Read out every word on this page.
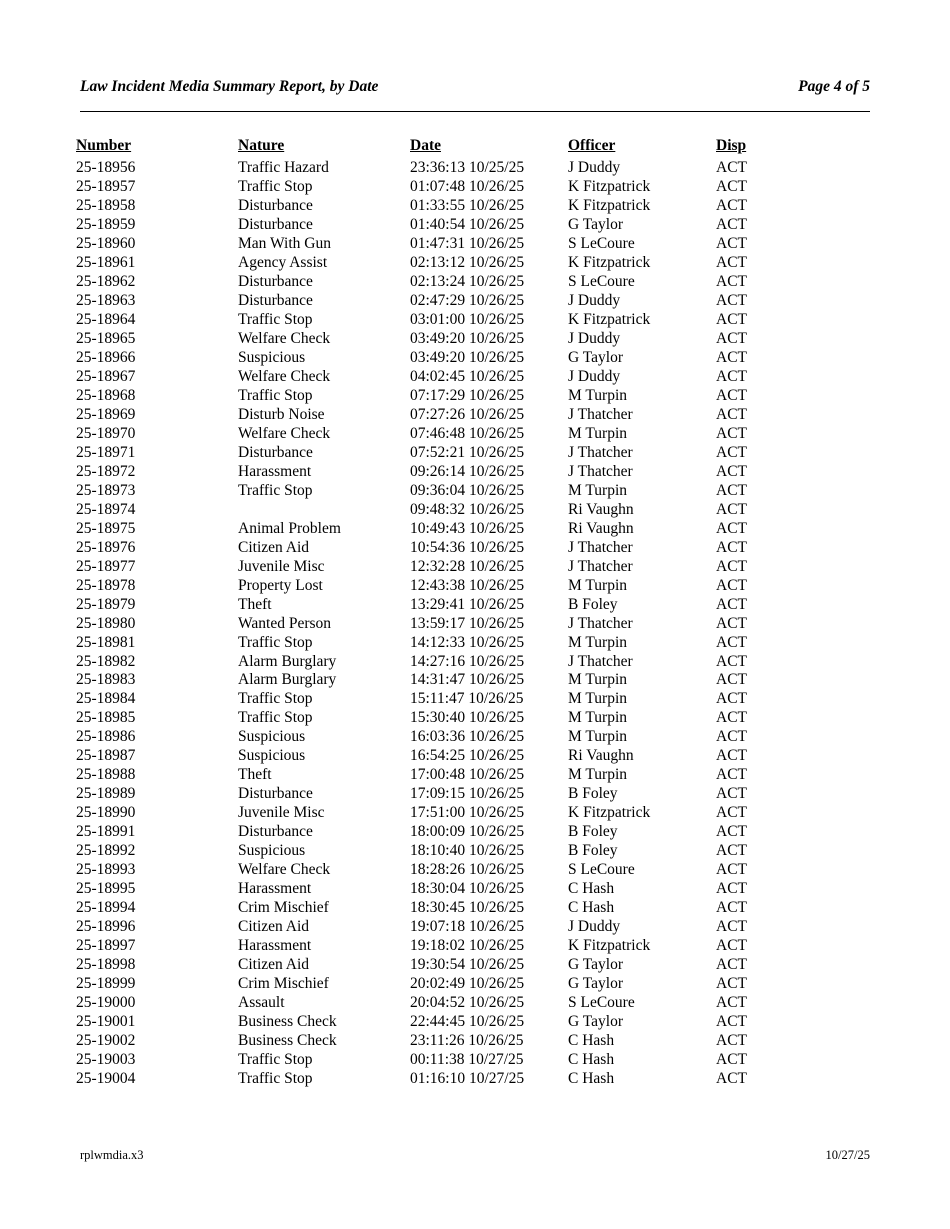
Law Incident Media Summary Report, by Date	Page 4 of 5
Number	Nature	Date	Officer	Disp
25-18956	Traffic Hazard	23:36:13 10/25/25	J Duddy	ACT
25-18957	Traffic Stop	01:07:48 10/26/25	K Fitzpatrick	ACT
25-18958	Disturbance	01:33:55 10/26/25	K Fitzpatrick	ACT
25-18959	Disturbance	01:40:54 10/26/25	G Taylor	ACT
25-18960	Man With Gun	01:47:31 10/26/25	S LeCoure	ACT
25-18961	Agency Assist	02:13:12 10/26/25	K Fitzpatrick	ACT
25-18962	Disturbance	02:13:24 10/26/25	S LeCoure	ACT
25-18963	Disturbance	02:47:29 10/26/25	J Duddy	ACT
25-18964	Traffic Stop	03:01:00 10/26/25	K Fitzpatrick	ACT
25-18965	Welfare Check	03:49:20 10/26/25	J Duddy	ACT
25-18966	Suspicious	03:49:20 10/26/25	G Taylor	ACT
25-18967	Welfare Check	04:02:45 10/26/25	J Duddy	ACT
25-18968	Traffic Stop	07:17:29 10/26/25	M Turpin	ACT
25-18969	Disturb Noise	07:27:26 10/26/25	J Thatcher	ACT
25-18970	Welfare Check	07:46:48 10/26/25	M Turpin	ACT
25-18971	Disturbance	07:52:21 10/26/25	J Thatcher	ACT
25-18972	Harassment	09:26:14 10/26/25	J Thatcher	ACT
25-18973	Traffic Stop	09:36:04 10/26/25	M Turpin	ACT
25-18974		09:48:32 10/26/25	Ri Vaughn	ACT
25-18975	Animal Problem	10:49:43 10/26/25	Ri Vaughn	ACT
25-18976	Citizen Aid	10:54:36 10/26/25	J Thatcher	ACT
25-18977	Juvenile Misc	12:32:28 10/26/25	J Thatcher	ACT
25-18978	Property Lost	12:43:38 10/26/25	M Turpin	ACT
25-18979	Theft	13:29:41 10/26/25	B Foley	ACT
25-18980	Wanted Person	13:59:17 10/26/25	J Thatcher	ACT
25-18981	Traffic Stop	14:12:33 10/26/25	M Turpin	ACT
25-18982	Alarm Burglary	14:27:16 10/26/25	J Thatcher	ACT
25-18983	Alarm Burglary	14:31:47 10/26/25	M Turpin	ACT
25-18984	Traffic Stop	15:11:47 10/26/25	M Turpin	ACT
25-18985	Traffic Stop	15:30:40 10/26/25	M Turpin	ACT
25-18986	Suspicious	16:03:36 10/26/25	M Turpin	ACT
25-18987	Suspicious	16:54:25 10/26/25	Ri Vaughn	ACT
25-18988	Theft	17:00:48 10/26/25	M Turpin	ACT
25-18989	Disturbance	17:09:15 10/26/25	B Foley	ACT
25-18990	Juvenile Misc	17:51:00 10/26/25	K Fitzpatrick	ACT
25-18991	Disturbance	18:00:09 10/26/25	B Foley	ACT
25-18992	Suspicious	18:10:40 10/26/25	B Foley	ACT
25-18993	Welfare Check	18:28:26 10/26/25	S LeCoure	ACT
25-18995	Harassment	18:30:04 10/26/25	C Hash	ACT
25-18994	Crim Mischief	18:30:45 10/26/25	C Hash	ACT
25-18996	Citizen Aid	19:07:18 10/26/25	J Duddy	ACT
25-18997	Harassment	19:18:02 10/26/25	K Fitzpatrick	ACT
25-18998	Citizen Aid	19:30:54 10/26/25	G Taylor	ACT
25-18999	Crim Mischief	20:02:49 10/26/25	G Taylor	ACT
25-19000	Assault	20:04:52 10/26/25	S LeCoure	ACT
25-19001	Business Check	22:44:45 10/26/25	G Taylor	ACT
25-19002	Business Check	23:11:26 10/26/25	C Hash	ACT
25-19003	Traffic Stop	00:11:38 10/27/25	C Hash	ACT
25-19004	Traffic Stop	01:16:10 10/27/25	C Hash	ACT
rplwmdia.x3	10/27/25
